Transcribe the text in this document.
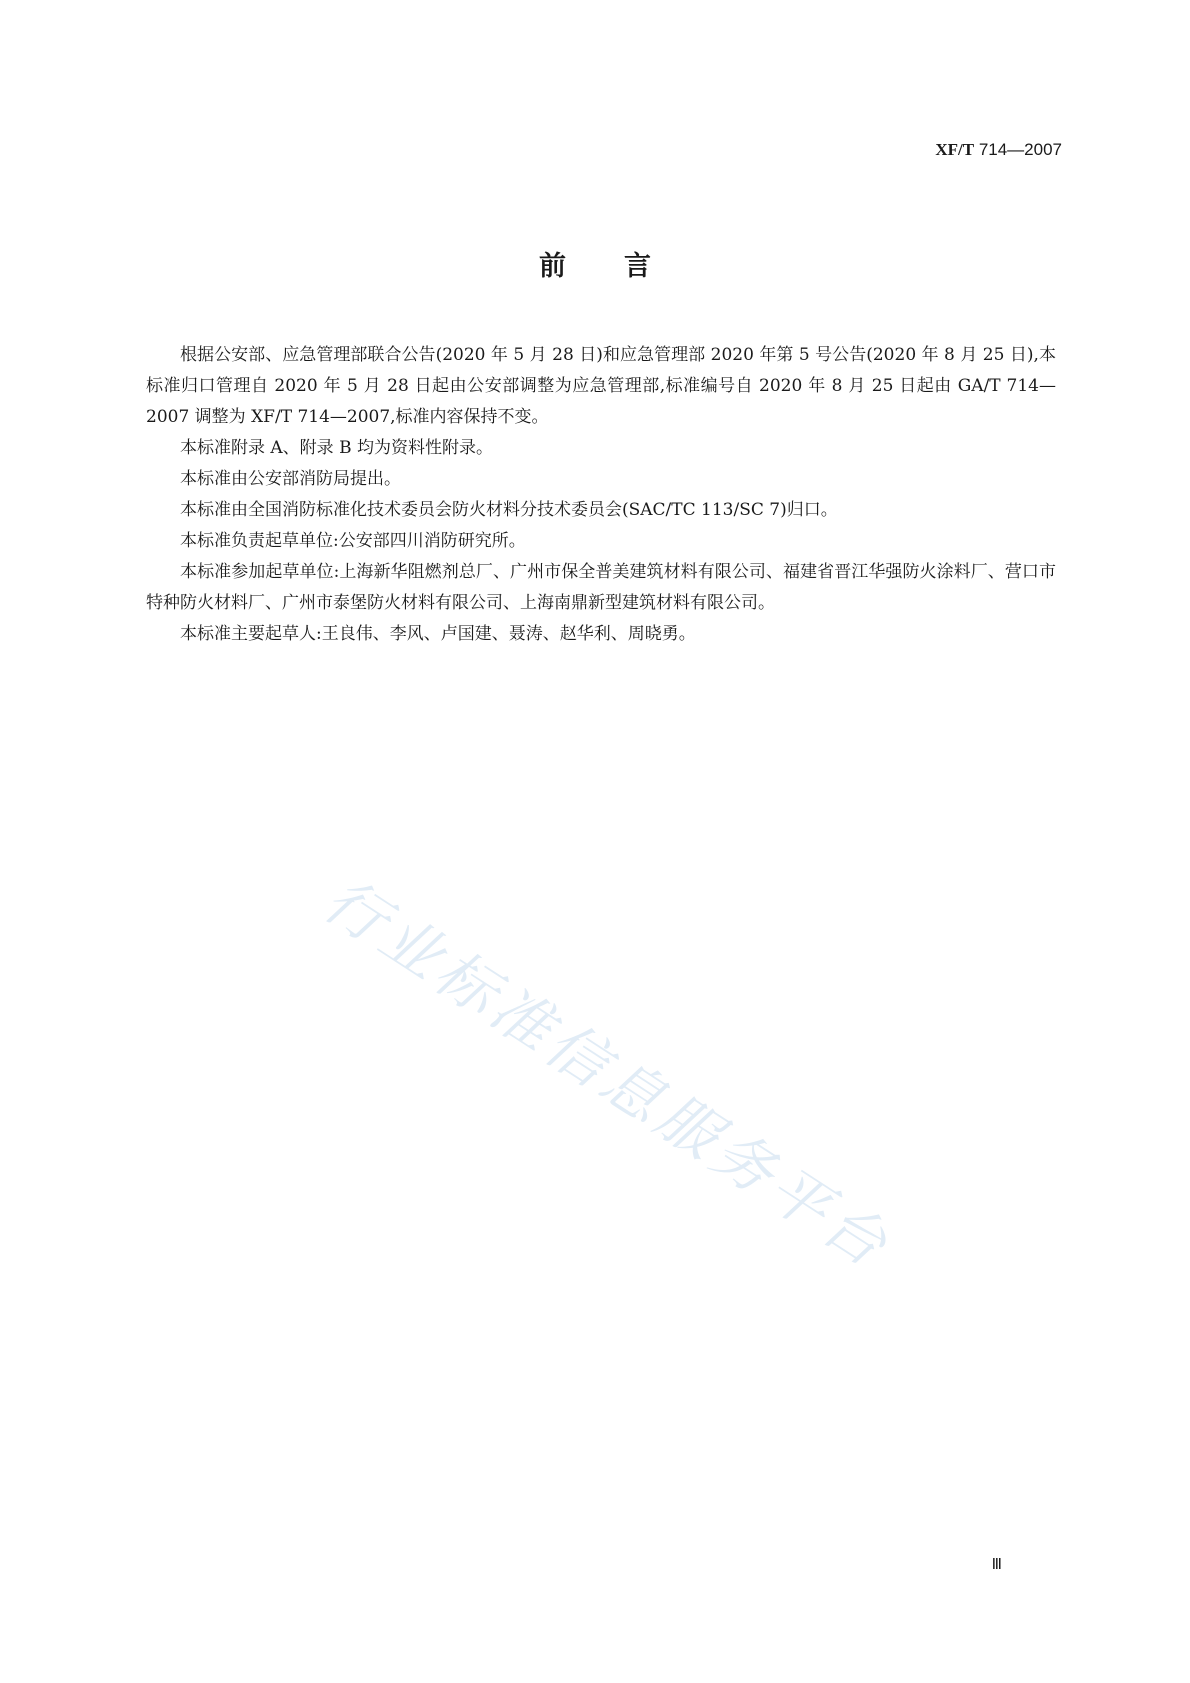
XF/T 714—2007
前言

根据公安部、应急管理部联合公告(2020 年 5 月 28 日)和应急管理部 2020 年第 5 号公告(2020 年 8 月 25 日),本标准归口管理自 2020 年 5 月 28 日起由公安部调整为应急管理部,标准编号自 2020 年 8 月 25 日起由 GA/T 714—2007 调整为 XF/T 714—2007,标准内容保持不变。

本标准附录 A、附录 B 均为资料性附录。

本标准由公安部消防局提出。

本标准由全国消防标准化技术委员会防火材料分技术委员会(SAC/TC 113/SC 7)归口。

本标准负责起草单位:公安部四川消防研究所。

本标准参加起草单位:上海新华阻燃剂总厂、广州市保全普美建筑材料有限公司、福建省晋江华强防火涂料厂、营口市特种防火材料厂、广州市泰堡防火材料有限公司、上海南鼎新型建筑材料有限公司。

本标准主要起草人:王良伟、李风、卢国建、聂涛、赵华利、周晓勇。

行业标准信息服务平台
Ⅲ
